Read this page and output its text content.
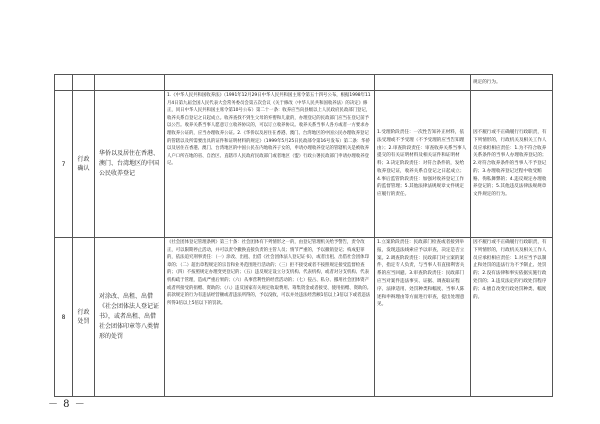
					规定的行为。

7	行政确认	华侨以及居住在香港、澳门、台湾地区的中国公民收养登记	1.《中华人民共和国收养法》（1991年12月29日中华人民共和国主席令第五十四号公布，根据1998年11月4日第九届全国人民代表大会常务委员会第五次会议《关于修改〈中华人民共和国收养法〉的决定》修正，同日中华人民共和国主席令第10号公布）第二十一条：收养应当向县级以上人民政府民政部门登记，收养关系自登记之日起成立。收养查找不到生父母的弃婴和儿童的，办理登记的民政部门应当在登记前予以公告。收养关系当事人愿意订立收养协议的，可以订立收养协议。收养关系当事人各方或者一方要求办理收养公证的，应当办理收养公证。2.《华侨以及居住在香港、澳门、台湾地区的中国公民办理收养登记的管辖以及所需要出具的证件和证明材料的规定》（1999年5月25日民政部令第16号发布）第二条：华侨以及居住在香港、澳门、台湾地区的中国公民在内地收养子女的，申请办理收养登记的管辖机关是被收养人户口所在地的省、自治区、直辖市人民政府民政部门或者地区（盟）行政公署民政部门申请办理收养登记。	1.受理阶段责任：一次性告知补正材料，依法受理或不予受理（不予受理的应当告知理由）；2.审查阶段责任：审查收养关系当事人提交的有关证明材料及相关证件和证明材料；3.决定阶段责任：对符合条件的，发给收养登记证，收养关系自登记之日起成立；4.事后监管阶段责任：加强对收养登记工作的监督管理；5.其他法律法规规章文件规定应履行的责任。	因不履行或不正确履行行政职责，有下列情形的，行政机关及相关工作人员应承担相应责任：1.为不符合收养关系条件的当事人办理收养登记的；2.对符合收养条件的当事人不予登记的；3.办理收养登记过程中收受贿赂、徇私舞弊的；4.违反规定办理收养登记的；5.其他违反法律法规规章文件规定的行为。

8	行政处罚	对涂改、出租、出借《社会团体法人登记证书》，或者出租、出借社会团体印章等八类情形的处罚	《社会团体登记管理条例》第三十条：社会团体有下列情形之一的，由登记管理机关给予警告，责令改正，可以限期停止活动，并可以责令撤换直接负责的主管人员；情节严重的，予以撤销登记；构成犯罪的，依法追究刑事责任：（一）涂改、出租、出借《社会团体法人登记证书》，或者出租、出借社会团体印章的；（二）超出章程规定的宗旨和业务范围进行活动的；（三）拒不接受或者不按照规定接受监督检查的；（四）不按照规定办理变更登记的；（五）违反规定设立分支机构、代表机构，或者对分支机构、代表机构疏于管理，造成严重后果的；（六）从事营利性的经营活动的；（七）侵占、私分、挪用社会团体资产或者所接受的捐赠、资助的；（八）违反国家有关规定收取费用、筹集资金或者接受、使用捐赠、资助的。前款规定的行为有违法经营额或者违法所得的，予以没收，可以并处违法经营额1倍以上3倍以下或者违法所得3倍以上5倍以下的罚款。	1.立案阶段责任：民政部门检查或者接到举报，发现违法线索应予以审查，决定是否立案。2.调查阶段责任：民政部门对立案的案件，指定专人负责，与当事人有直接利害关系的应当回避。3.审查阶段责任：民政部门应当对案件违法事实、证据、调查取证程序、法律适用、处罚种类和幅度、当事人陈述和申辩理由等方面进行审查，提出处理意见。	因不履行或不正确履行行政职责，有下列情形的，行政机关及相关工作人员应承担相应责任：1.对应当予以制止和处罚的违法行为不予制止、处罚的；2.没有法律和事实依据实施行政处罚的；3.违反法定的行政处罚程序的；4.擅自改变行政处罚种类、幅度的。
－ 8 －
